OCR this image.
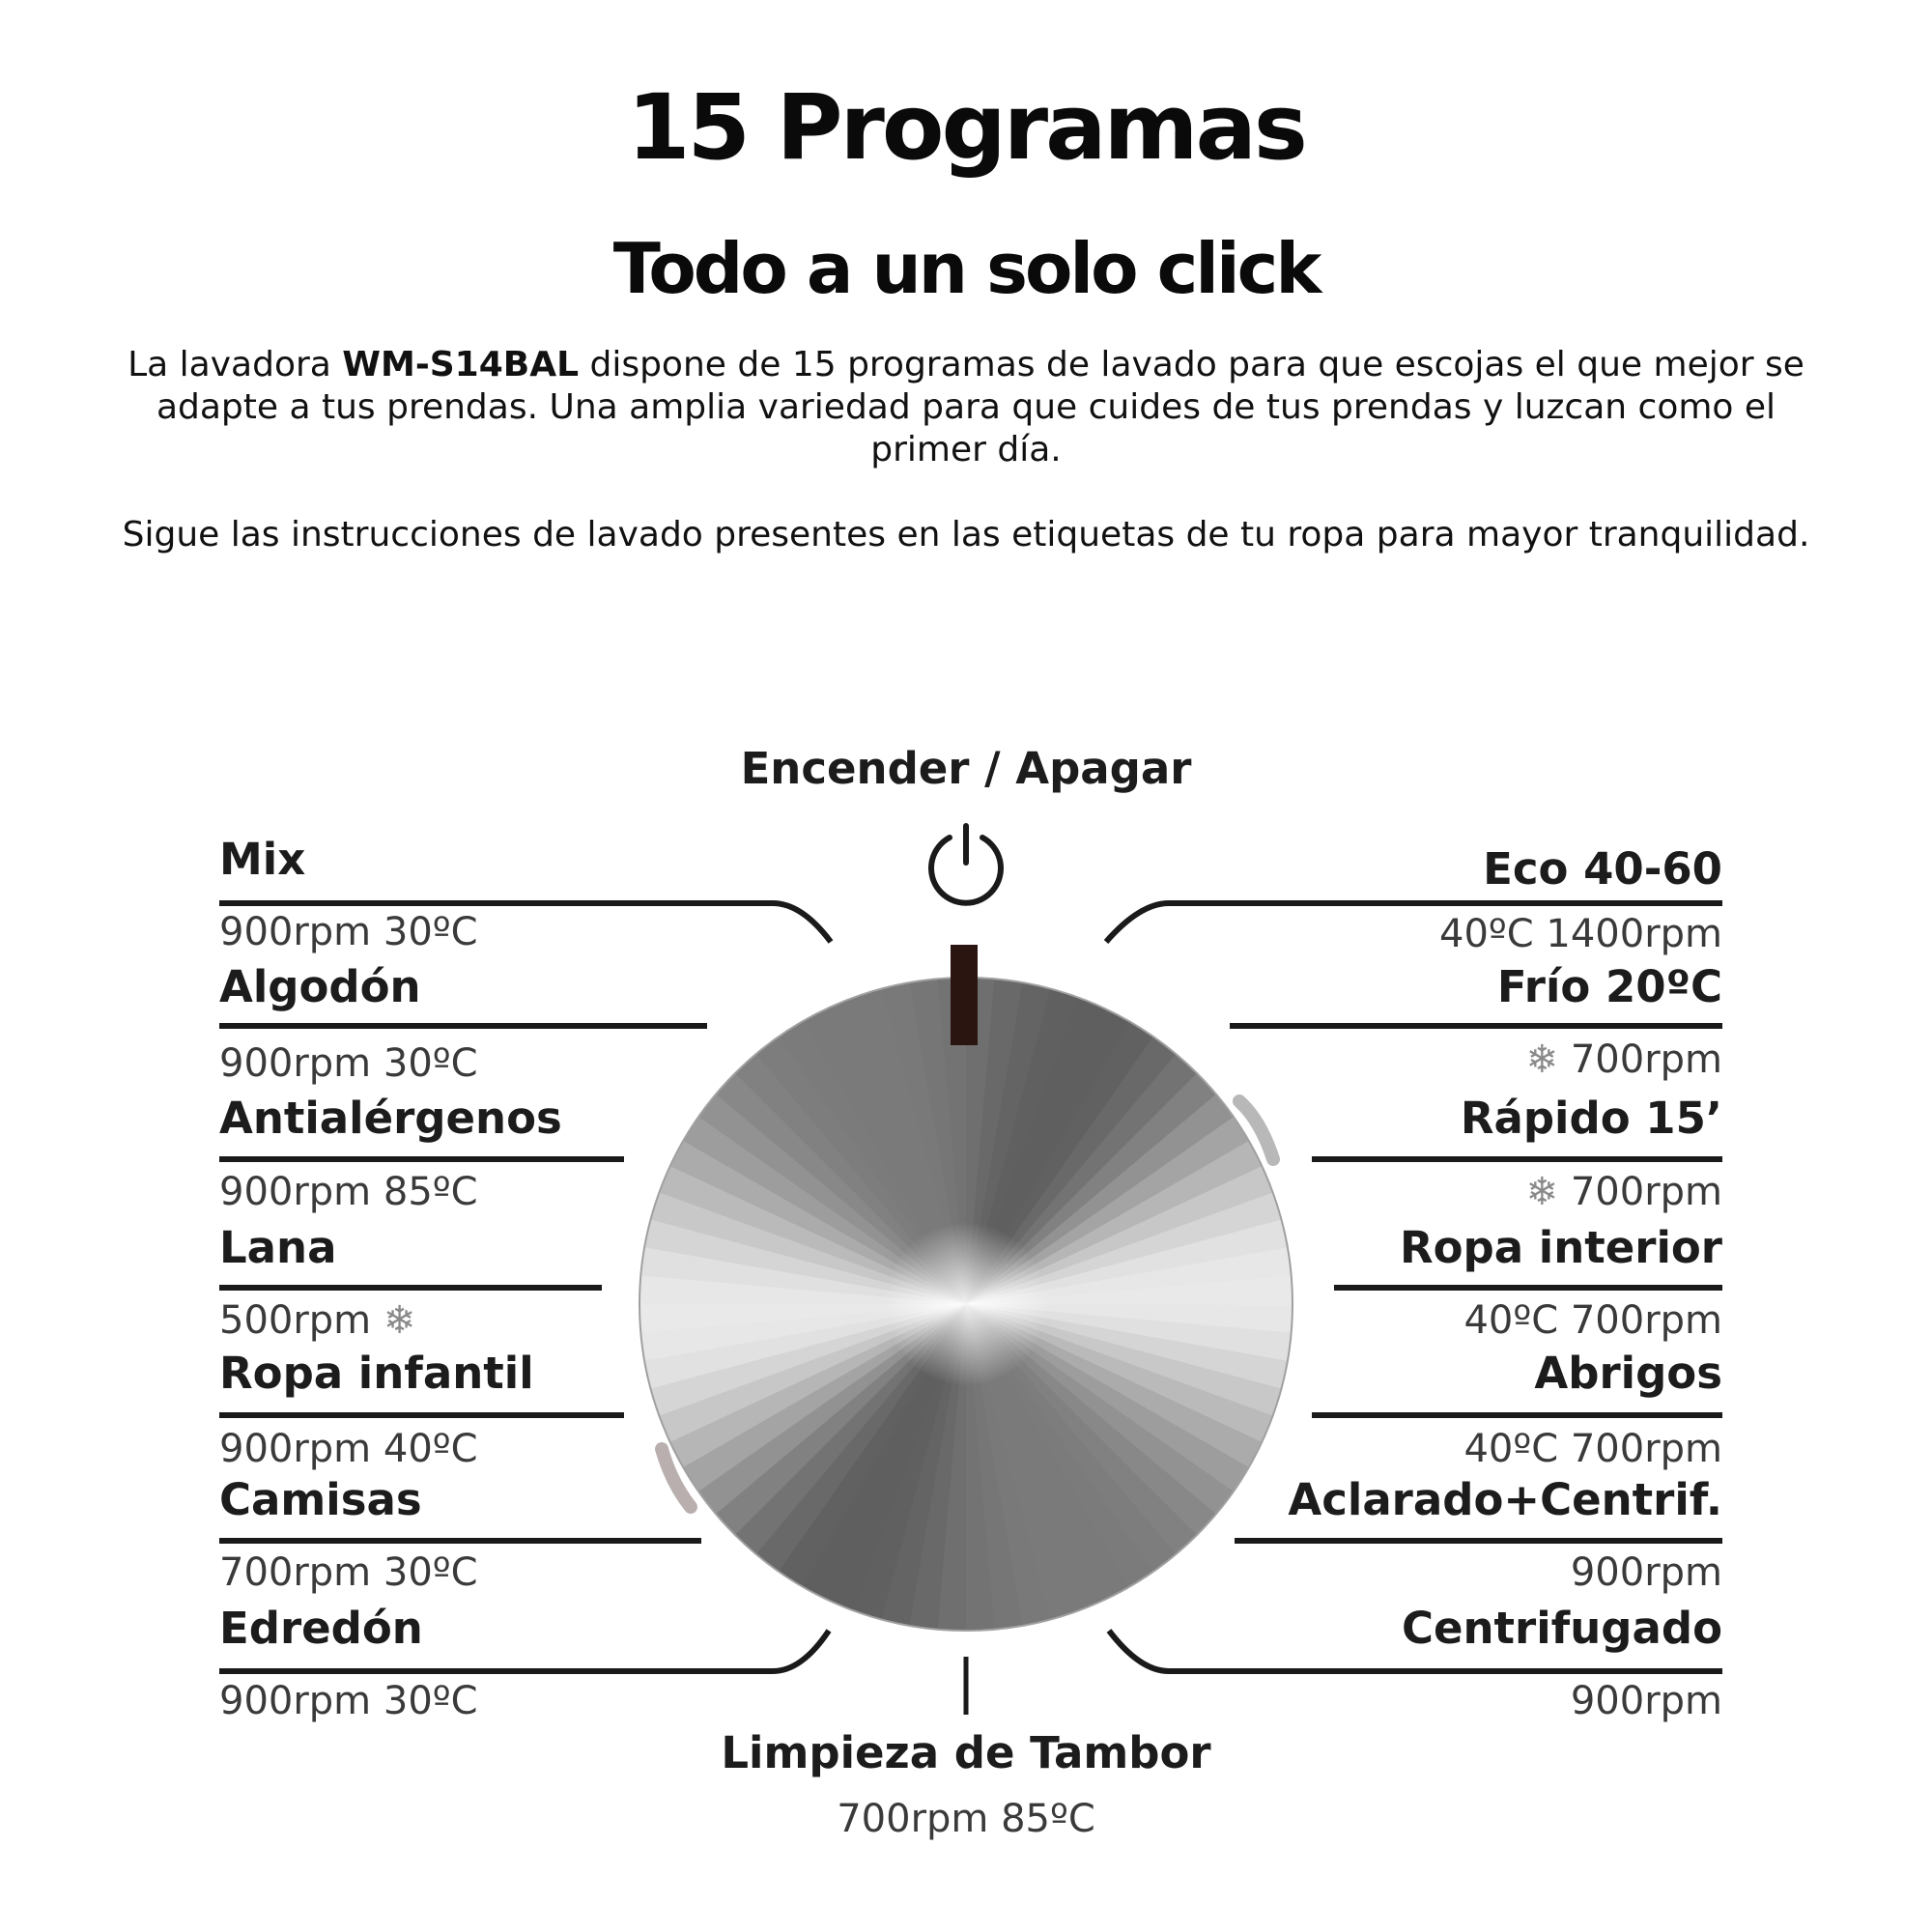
15 Programas
Todo a un solo click
La lavadora WM-S14BAL dispone de 15 programas de lavado para que escojas el que mejor se adapte a tus prendas. Una amplia variedad para que cuides de tus prendas y luzcan como el primer día.
Sigue las instrucciones de lavado presentes en las etiquetas de tu ropa para mayor tranquilidad.
Encender / Apagar
Limpieza de Tambor
700rpm 85ºC
Mix
900rpm 30ºC
Algodón
900rpm 30ºC
Antialérgenos
900rpm 85ºC
Lana
500rpm ❄
Ropa infantil
900rpm 40ºC
Camisas
700rpm 30ºC
Edredón
900rpm 30ºC
Eco 40-60
40ºC 1400rpm
Frío 20ºC
❄ 700rpm
Rápido 15’
❄ 700rpm
Ropa interior
40ºC 700rpm
Abrigos
40ºC 700rpm
Aclarado+Centrif.
900rpm
Centrifugado
900rpm
